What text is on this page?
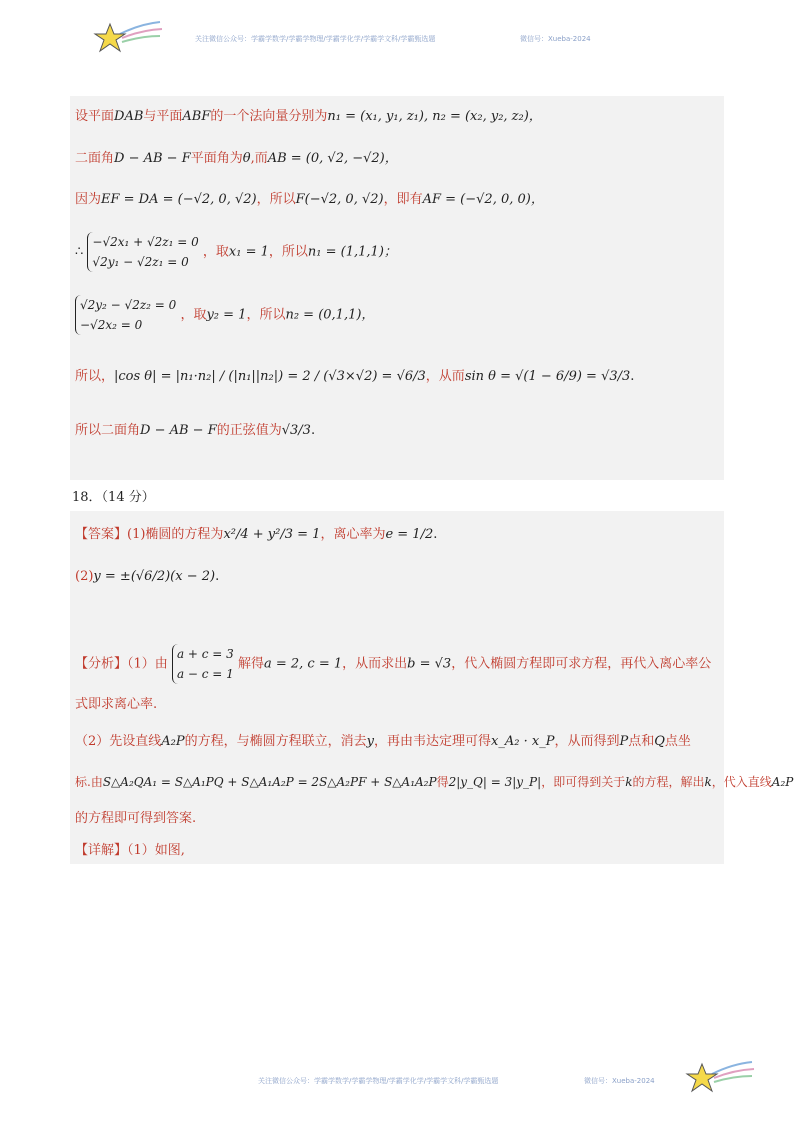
关注微信公众号：学霸学数学/学霸学物理/学霸学化学/学霸学文科/学霸甄选题	微信号：Xueba-2024
设平面DAB与平面ABF的一个法向量分别为n₁ = (x₁, y₁, z₁), n₂ = (x₂, y₂, z₂)，
二面角D − AB − F平面角为θ,而AB = (0, √2, −√2)，
因为EF = DA = (−√2, 0, √2)，所以F(−√2, 0, √2)，即有AF = (−√2, 0, 0)，
∴ −√2x₁ + √2z₁ = 0
√2y₁ − √2z₁ = 0 ，取x₁ = 1，所以n₁ = (1,1,1)；
√2y₂ − √2z₂ = 0
−√2x₂ = 0 ，取y₂ = 1，所以n₂ = (0,1,1)，
所以，|cos θ| = |n₁·n₂| / (|n₁||n₂|) = 2 / (√3×√2) = √6/3，从而sin θ = √(1 − 6/9) = √3/3.
所以二面角D − AB − F的正弦值为√3/3.
18．（14 分）
【答案】(1)椭圆的方程为x²/4 + y²/3 = 1，离心率为e = 1/2.
(2)y = ±(√6/2)(x − 2).
【分析】（1）由 a + c = 3
a − c = 1 解得a = 2, c = 1，从而求出b = √3，代入椭圆方程即可求方程，再代入离心率公
式即求离心率.
（2）先设直线A₂P的方程，与椭圆方程联立，消去y，再由韦达定理可得x_A₂ · x_P，从而得到P点和Q点坐
标.由S△A₂QA₁ = S△A₁PQ + S△A₁A₂P = 2S△A₂PF + S△A₁A₂P得2|y_Q| = 3|y_P|，即可得到关于k的方程，解出k，代入直线A₂P
的方程即可得到答案.
【详解】（1）如图,
关注微信公众号：学霸学数学/学霸学物理/学霸学化学/学霸学文科/学霸甄选题	微信号：Xueba-2024
